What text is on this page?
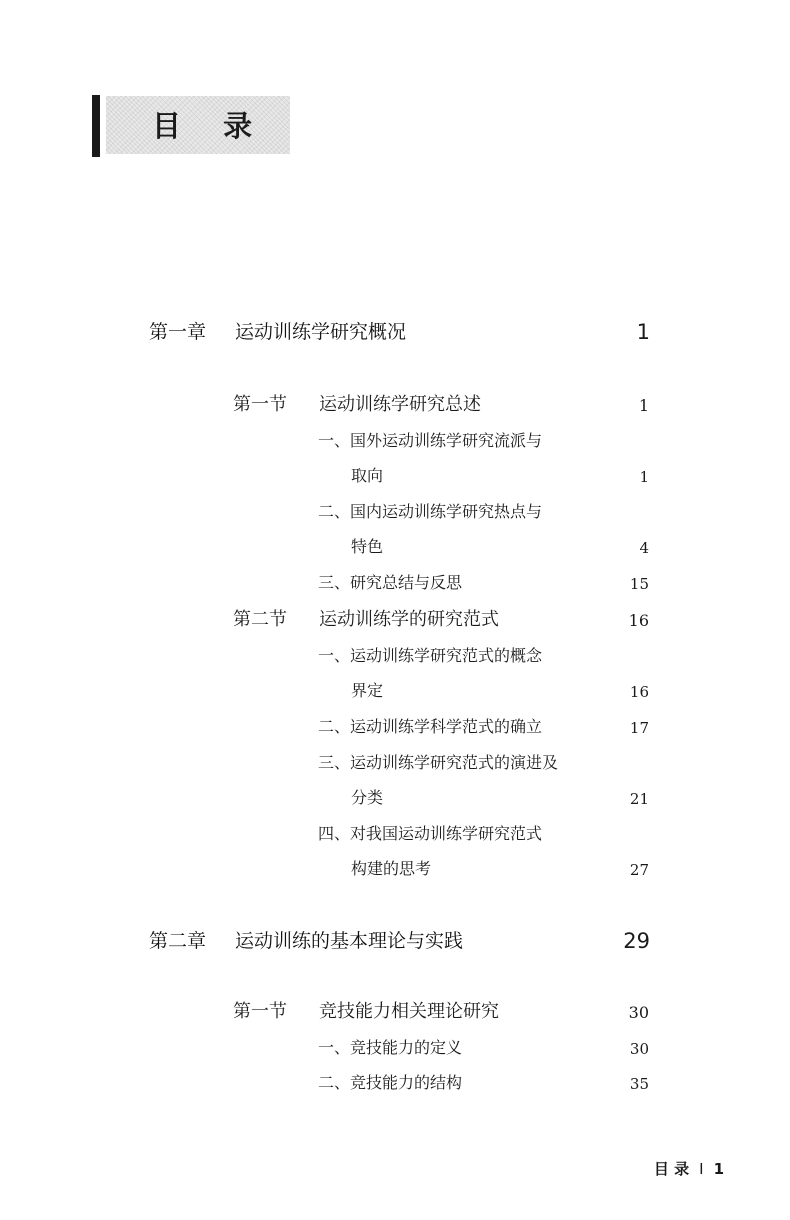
目 录
第一章 运动训练学研究概况	1
第一节 运动训练学研究总述	1
一、国外运动训练学研究流派与
取向	1
二、国内运动训练学研究热点与
特色	4
三、研究总结与反思	15
第二节 运动训练学的研究范式	16
一、运动训练学研究范式的概念
界定	16
二、运动训练学科学范式的确立	17
三、运动训练学研究范式的演进及
分类	21
四、对我国运动训练学研究范式
构建的思考	27
第二章 运动训练的基本理论与实践	29
第一节 竞技能力相关理论研究	30
一、竞技能力的定义	30
二、竞技能力的结构	35
目 录 I 1
